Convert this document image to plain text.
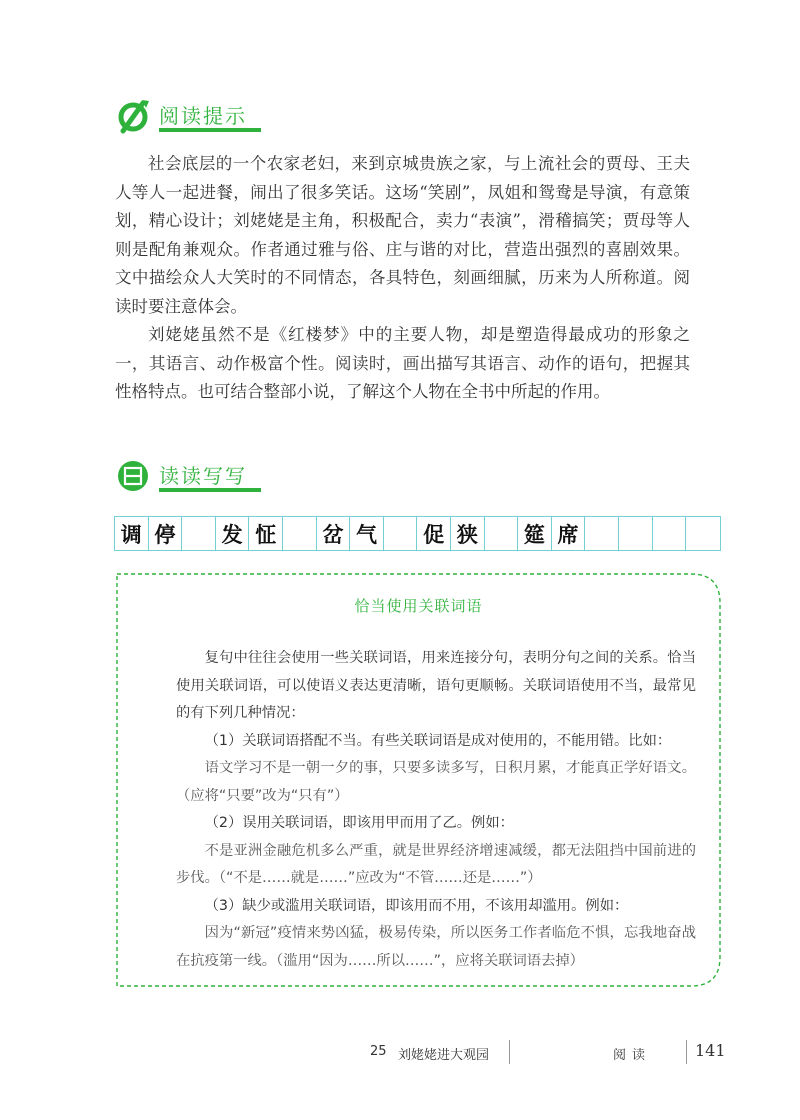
阅读提示

社会底层的一个农家老妇，来到京城贵族之家，与上流社会的贾母、王夫人等人一起进餐，闹出了很多笑话。这场“笑剧”，凤姐和鸳鸯是导演，有意策划，精心设计；刘姥姥是主角，积极配合，卖力“表演”，滑稽搞笑；贾母等人则是配角兼观众。作者通过雅与俗、庄与谐的对比，营造出强烈的喜剧效果。文中描绘众人大笑时的不同情态，各具特色，刻画细腻，历来为人所称道。阅读时要注意体会。

刘姥姥虽然不是《红楼梦》中的主要人物，却是塑造得最成功的形象之一，其语言、动作极富个性。阅读时，画出描写其语言、动作的语句，把握其性格特点。也可结合整部小说，了解这个人物在全书中所起的作用。

读读写写
调 停	发 怔	岔 气	促 狭	筵 席
恰当使用关联词语

复句中往往会使用一些关联词语，用来连接分句，表明分句之间的关系。恰当使用关联词语，可以使语义表达更清晰，语句更顺畅。关联词语使用不当，最常见的有下列几种情况：

（1）关联词语搭配不当。有些关联词语是成对使用的，不能用错。比如：

语文学习不是一朝一夕的事，只要多读多写，日积月累，才能真正学好语文。（应将“只要”改为“只有”）

（2）误用关联词语，即该用甲而用了乙。例如：

不是亚洲金融危机多么严重，就是世界经济增速减缓，都无法阻挡中国前进的步伐。（“不是……就是……”应改为“不管……还是……”）

（3）缺少或滥用关联词语，即该用而不用，不该用却滥用。例如：

因为“新冠”疫情来势凶猛，极易传染，所以医务工作者临危不惧，忘我地奋战在抗疫第一线。（滥用“因为……所以……”，应将关联词语去掉）

25 刘姥姥进大观园	阅读	141
